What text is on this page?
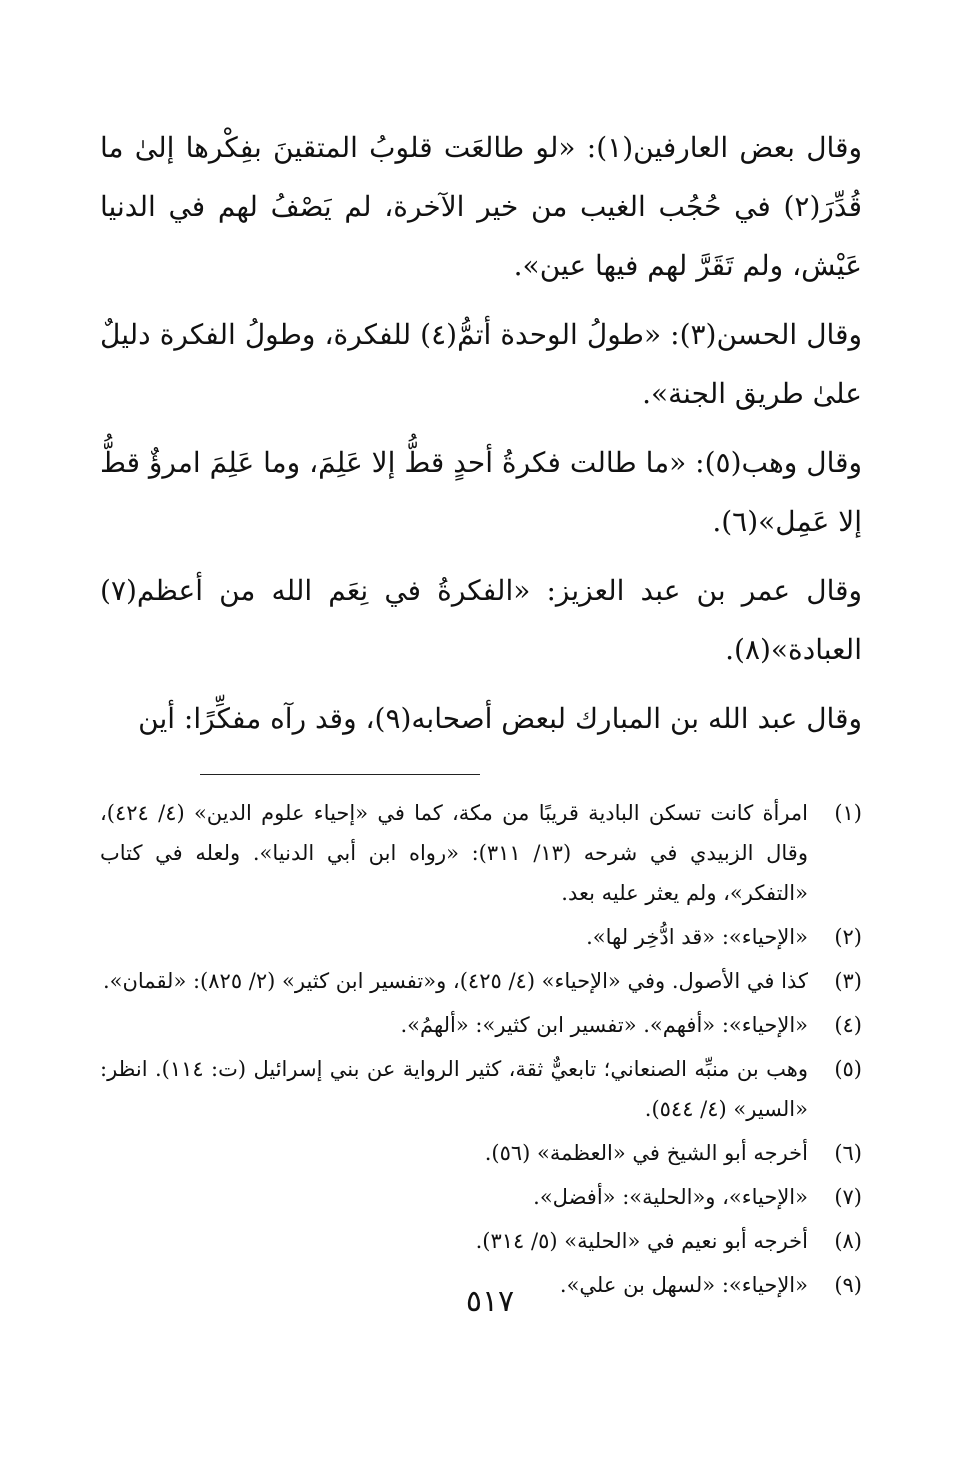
وقال بعض العارفين(١): «لو طالعَت قلوبُ المتقينَ بفِكْرها إلىٰ ما قُدِّرَ(٢) في حُجُب الغيب من خير الآخرة، لم يَصْفُ لهم في الدنيا عَيْش، ولم تَقَرَّ لهم فيها عين».

وقال الحسن(٣): «طولُ الوحدة أتمُّ(٤) للفكرة، وطولُ الفكرة دليلٌ علىٰ طريق الجنة».

وقال وهب(٥): «ما طالت فكرةُ أحدٍ قطُّ إلا عَلِمَ، وما عَلِمَ امرؤٌ قطُّ إلا عَمِل»(٦).

وقال عمر بن عبد العزيز: «الفكرةُ في نِعَم الله من أعظم(٧) العبادة»(٨).

وقال عبد الله بن المبارك لبعض أصحابه(٩)، وقد رآه مفكِّرًا: أين

(١)
امرأة كانت تسكن البادية قريبًا من مكة، كما في «إحياء علوم الدين» (٤/ ٤٢٤)، وقال الزبيدي في شرحه (١٣/ ٣١١): «رواه ابن أبي الدنيا». ولعله في كتاب «التفكر»، ولم يعثر عليه بعد.
(٢)
«الإحياء»: «قد ادُّخِر لها».
(٣)
كذا في الأصول. وفي «الإحياء» (٤/ ٤٢٥)، و«تفسير ابن كثير» (٢/ ٨٢٥): «لقمان».
(٤)
«الإحياء»: «أفهم». «تفسير ابن كثير»: «ألهمُ».
(٥)
وهب بن منبِّه الصنعاني؛ تابعيٌّ ثقة، كثير الرواية عن بني إسرائيل (ت: ١١٤). انظر: «السير» (٤/ ٥٤٤).
(٦)
أخرجه أبو الشيخ في «العظمة» (٥٦).
(٧)
«الإحياء»، و«الحلية»: «أفضل».
(٨)
أخرجه أبو نعيم في «الحلية» (٥/ ٣١٤).
(٩)
«الإحياء»: «لسهل بن علي».
٥١٧
